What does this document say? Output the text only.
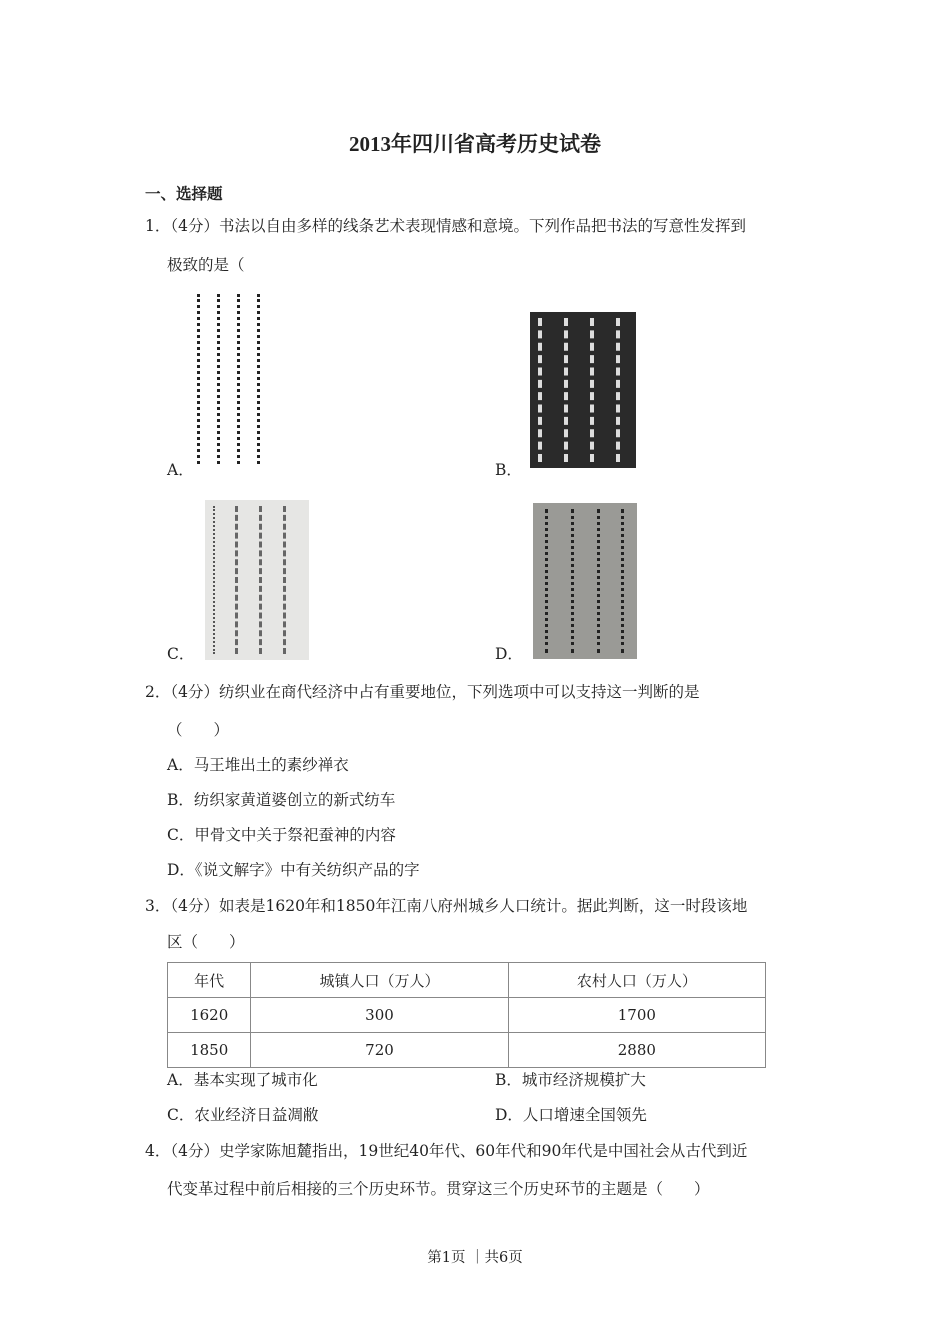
2013年四川省高考历史试卷
一、选择题
1．（4分）书法以自由多样的线条艺术表现情感和意境。下列作品把书法的写意性发挥到
极致的是（
A．	B．
C．	D．
2．（4分）纺织业在商代经济中占有重要地位，下列选项中可以支持这一判断的是
（　　）
A．马王堆出土的素纱禅衣
B．纺织家黄道婆创立的新式纺车
C．甲骨文中关于祭祀蚕神的内容
D．《说文解字》中有关纺织产品的字
3．（4分）如表是1620年和1850年江南八府州城乡人口统计。据此判断，这一时段该地
区（　　）
年代	城镇人口（万人）	农村人口（万人）
1620	300	1700
1850	720	2880
A．基本实现了城市化	B．城市经济规模扩大
C．农业经济日益凋敝	D．人口增速全国领先
4．（4分）史学家陈旭麓指出，19世纪40年代、60年代和90年代是中国社会从古代到近
代变革过程中前后相接的三个历史环节。贯穿这三个历史环节的主题是（　　）
第1页 ｜共6页
